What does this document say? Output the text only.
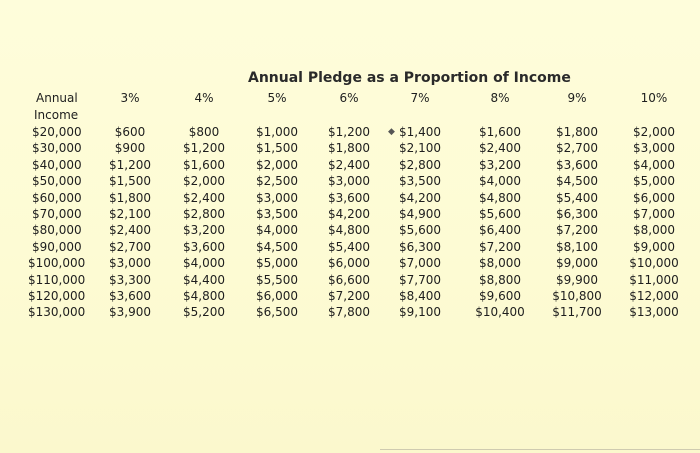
Annual Pledge as a Proportion of Income
Annual
Income
3%	4%	5%	6%	7%	8%	9%	10%
$20,000	$600	$800	$1,000	$1,200 $1,400	$1,600	$1,800	$2,000
$30,000	$900	$1,200	$1,500	$1,800 $2,100	$2,400	$2,700	$3,000
$40,000 $1,200	$1,600	$2,000	$2,400 $2,800	$3,200	$3,600	$4,000
$50,000 $1,500	$2,000	$2,500	$3,000 $3,500	$4,000	$4,500	$5,000
$60,000 $1,800	$2,400	$3,000	$3,600 $4,200	$4,800	$5,400	$6,000
$70,000 $2,100	$2,800	$3,500	$4,200 $4,900	$5,600	$6,300	$7,000
$80,000 $2,400	$3,200	$4,000	$4,800 $5,600	$6,400	$7,200	$8,000
$90,000 $2,700	$3,600	$4,500	$5,400 $6,300	$7,200	$8,100	$9,000
$100,000 $3,000	$4,000	$5,000	$6,000 $7,000	$8,000	$9,000	$10,000
$110,000 $3,300	$4,400	$5,500	$6,600 $7,700	$8,800	$9,900	$11,000
$120,000 $3,600	$4,800	$6,000	$7,200 $8,400	$9,600	$10,800 $12,000
$130,000 $3,900	$5,200	$6,500	$7,800 $9,100	$10,400 $11,700 $13,000
◆
